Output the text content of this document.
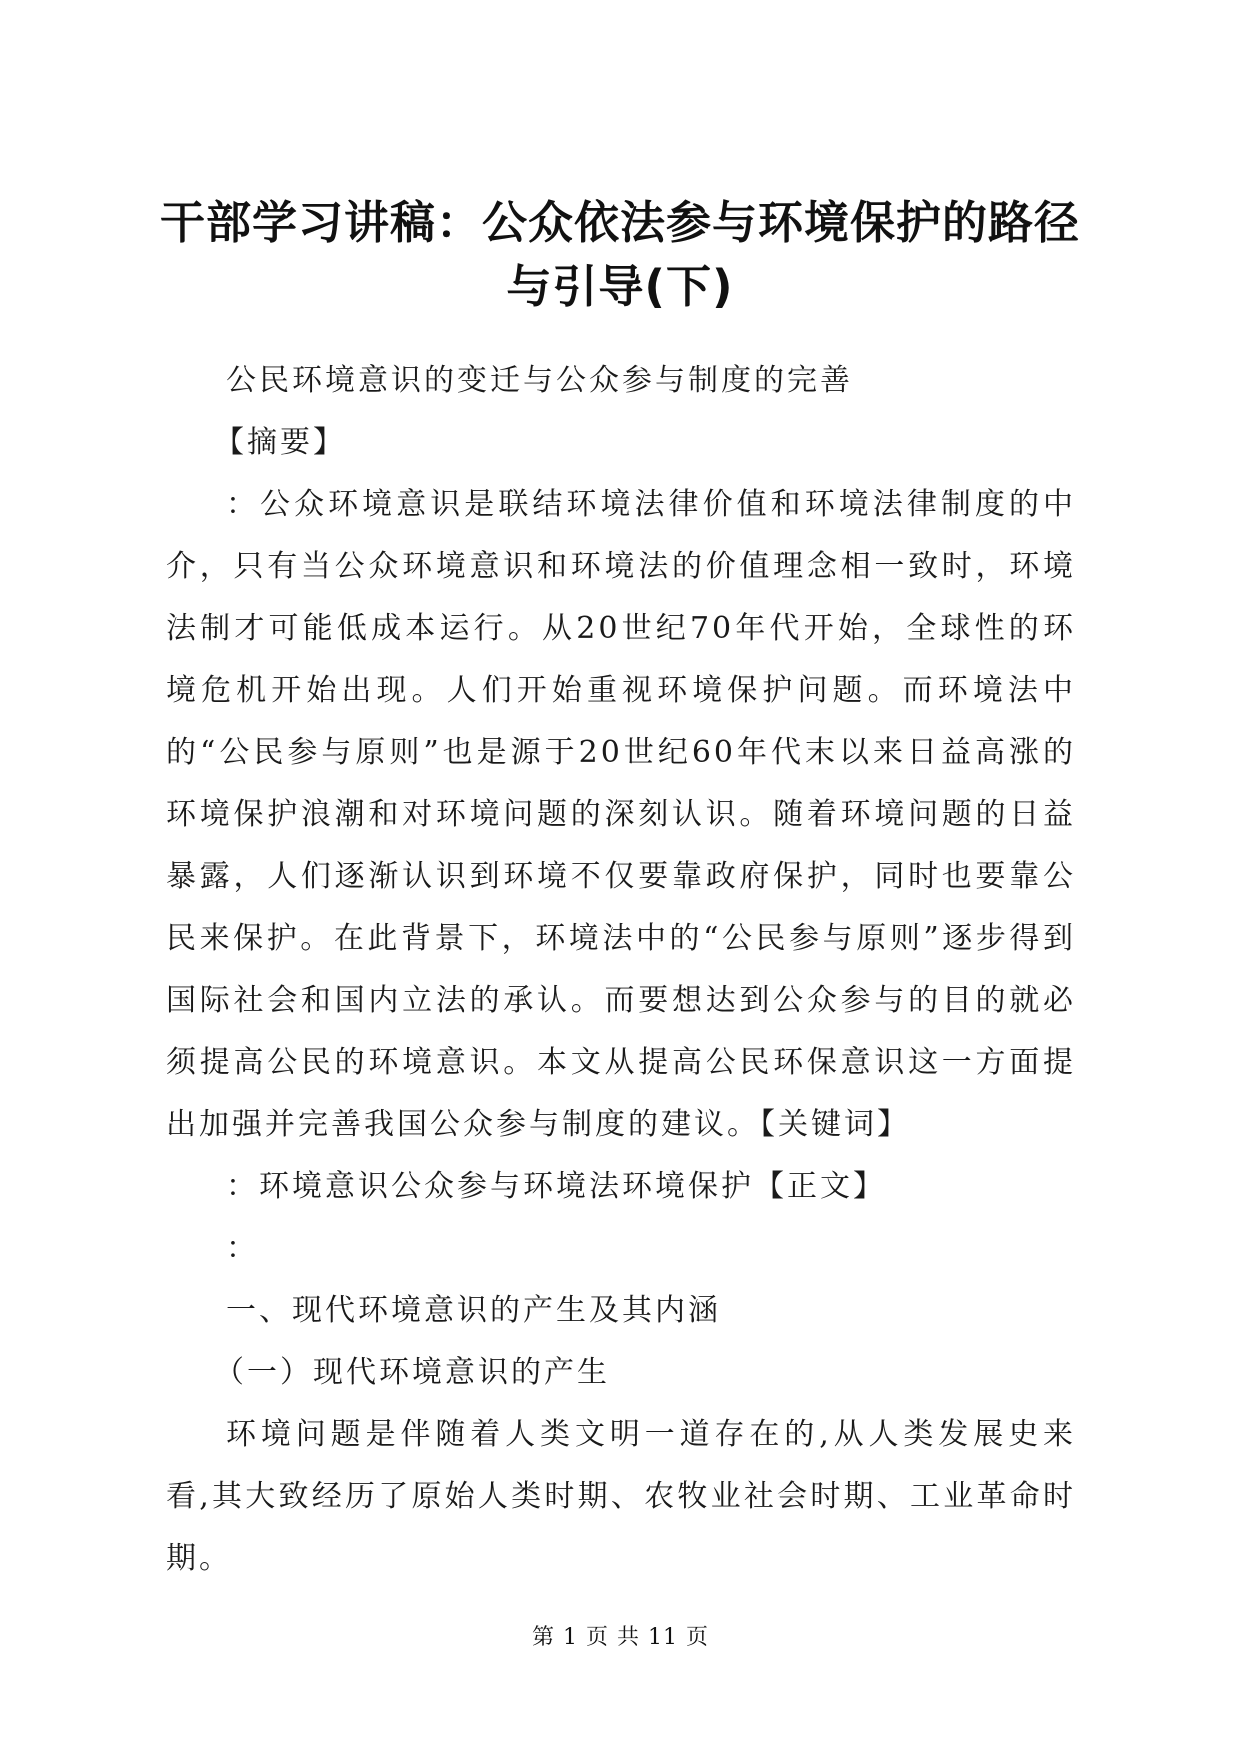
干部学习讲稿：公众依法参与环境保护的路径
与引导(下)

公民环境意识的变迁与公众参与制度的完善

【摘要】

：公众环境意识是联结环境法律价值和环境法律制度的中介，只有当公众环境意识和环境法的价值理念相一致时，环境法制才可能低成本运行。从20世纪70年代开始，全球性的环境危机开始出现。人们开始重视环境保护问题。而环境法中的“公民参与原则”也是源于20世纪60年代末以来日益高涨的环境保护浪潮和对环境问题的深刻认识。随着环境问题的日益暴露，人们逐渐认识到环境不仅要靠政府保护，同时也要靠公民来保护。在此背景下，环境法中的“公民参与原则”逐步得到国际社会和国内立法的承认。而要想达到公众参与的目的就必须提高公民的环境意识。本文从提高公民环保意识这一方面提出加强并完善我国公众参与制度的建议。【关键词】

：环境意识公众参与环境法环境保护【正文】

：

一、现代环境意识的产生及其内涵

（一）现代环境意识的产生

环境问题是伴随着人类文明一道存在的,从人类发展史来看,其大致经历了原始人类时期、农牧业社会时期、工业革命时期。

第 1 页 共 11 页
